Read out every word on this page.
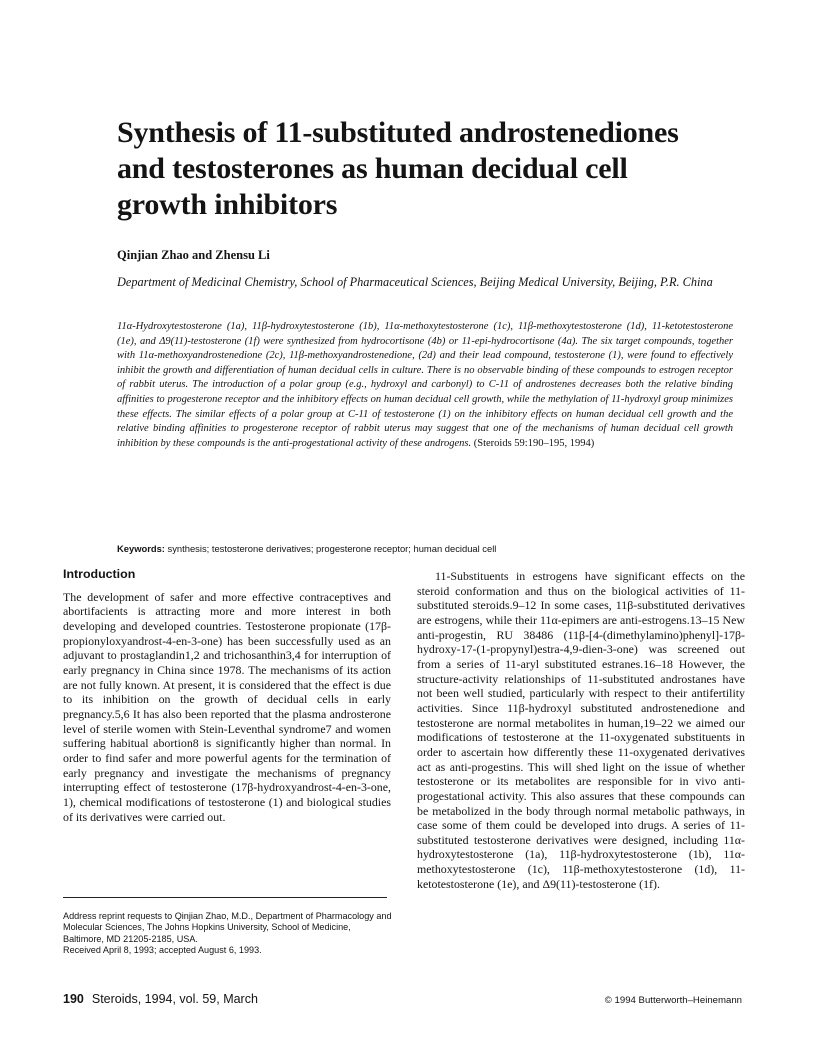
Synthesis of 11-substituted androstenediones and testosterones as human decidual cell growth inhibitors

Qinjian Zhao and Zhensu Li

Department of Medicinal Chemistry, School of Pharmaceutical Sciences, Beijing Medical University, Beijing, P.R. China

11α-Hydroxytestosterone (1a), 11β-hydroxytestosterone (1b), 11α-methoxytestosterone (1c), 11β-methoxytestosterone (1d), 11-ketotestosterone (1e), and Δ9(11)-testosterone (1f) were synthesized from hydrocortisone (4b) or 11-epi-hydrocortisone (4a). The six target compounds, together with 11α-methoxyandrostenedione (2c), 11β-methoxyandrostenedione, (2d) and their lead compound, testosterone (1), were found to effectively inhibit the growth and differentiation of human decidual cells in culture. There is no observable binding of these compounds to estrogen receptor of rabbit uterus. The introduction of a polar group (e.g., hydroxyl and carbonyl) to C-11 of androstenes decreases both the relative binding affinities to progesterone receptor and the inhibitory effects on human decidual cell growth, while the methylation of 11-hydroxyl group minimizes these effects. The similar effects of a polar group at C-11 of testosterone (1) on the inhibitory effects on human decidual cell growth and the relative binding affinities to progesterone receptor of rabbit uterus may suggest that one of the mechanisms of human decidual cell growth inhibition by these compounds is the anti-progestational activity of these androgens. (Steroids 59:190–195, 1994)

Keywords: synthesis; testosterone derivatives; progesterone receptor; human decidual cell

Introduction

The development of safer and more effective contraceptives and abortifacients is attracting more and more interest in both developing and developed countries. Testosterone propionate (17β-propionyloxyandrost-4-en-3-one) has been successfully used as an adjuvant to prostaglandin1,2 and trichosanthin3,4 for interruption of early pregnancy in China since 1978. The mechanisms of its action are not fully known. At present, it is considered that the effect is due to its inhibition on the growth of decidual cells in early pregnancy.5,6 It has also been reported that the plasma androsterone level of sterile women with Stein-Leventhal syndrome7 and women suffering habitual abortion8 is significantly higher than normal. In order to find safer and more powerful agents for the termination of early pregnancy and investigate the mechanisms of pregnancy interrupting effect of testosterone (17β-hydroxyandrost-4-en-3-one, 1), chemical modifications of testosterone (1) and biological studies of its derivatives were carried out.

11-Substituents in estrogens have significant effects on the steroid conformation and thus on the biological activities of 11-substituted steroids.9–12 In some cases, 11β-substituted derivatives are estrogens, while their 11α-epimers are anti-estrogens.13–15 New anti-progestin, RU 38486 (11β-[4-(dimethylamino)phenyl]-17β-hydroxy-17-(1-propynyl)estra-4,9-dien-3-one) was screened out from a series of 11-aryl substituted estranes.16–18 However, the structure-activity relationships of 11-substituted androstanes have not been well studied, particularly with respect to their antifertility activities. Since 11β-hydroxyl substituted androstenedione and testosterone are normal metabolites in human,19–22 we aimed our modifications of testosterone at the 11-oxygenated substituents in order to ascertain how differently these 11-oxygenated derivatives act as anti-progestins. This will shed light on the issue of whether testosterone or its metabolites are responsible for in vivo anti-progestational activity. This also assures that these compounds can be metabolized in the body through normal metabolic pathways, in case some of them could be developed into drugs. A series of 11-substituted testosterone derivatives were designed, including 11α-hydroxytestosterone (1a), 11β-hydroxytestosterone (1b), 11α-methoxytestosterone (1c), 11β-methoxytestosterone (1d), 11-ketotestosterone (1e), and Δ9(11)-testosterone (1f).

Address reprint requests to Qinjian Zhao, M.D., Department of Pharmacology and Molecular Sciences, The Johns Hopkins University, School of Medicine, Baltimore, MD 21205-2185, USA.
Received April 8, 1993; accepted August 6, 1993.

190 Steroids, 1994, vol. 59, March	© 1994 Butterworth–Heinemann
